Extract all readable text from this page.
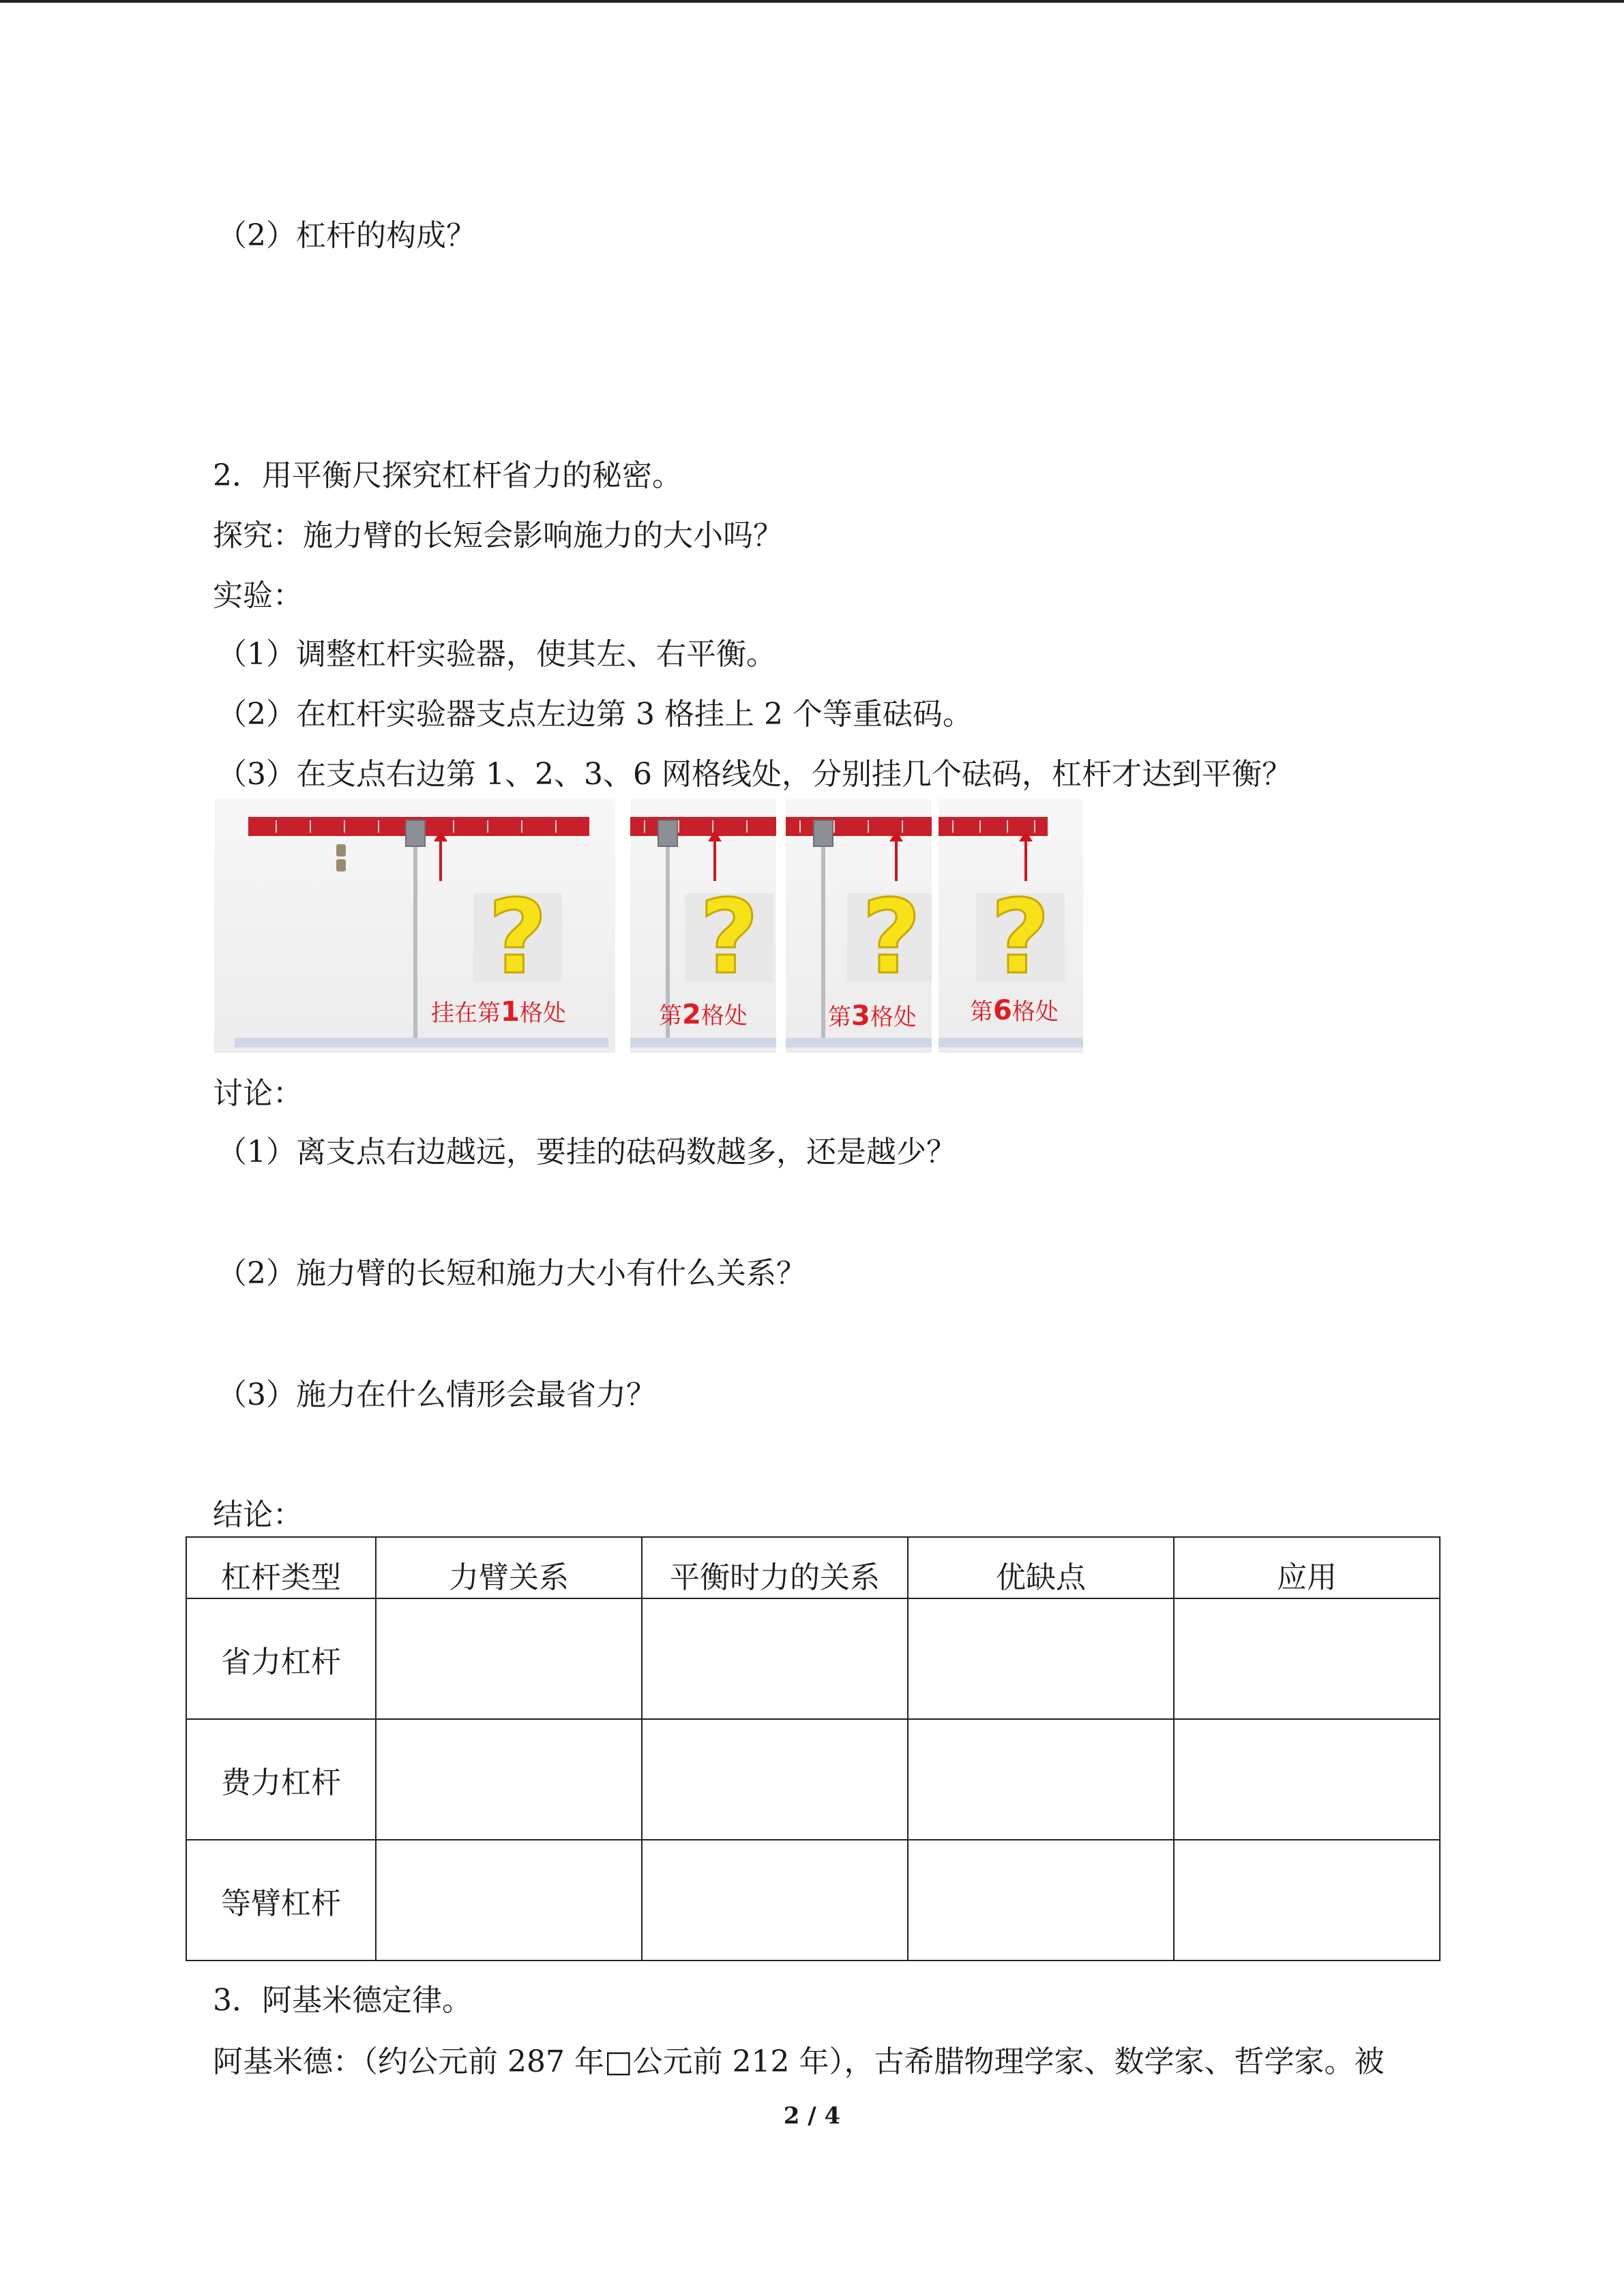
（2）杠杆的构成？
2．用平衡尺探究杠杆省力的秘密。
探究：施力臂的长短会影响施力的大小吗？
实验：
（1）调整杠杆实验器，使其左、右平衡。
（2）在杠杆实验器支点左边第 3 格挂上 2 个等重砝码。
（3）在支点右边第 1、2、3、6 网格线处，分别挂几个砝码，杠杆才达到平衡？
?
挂在第1格处
?
第2格处
?
第3格处
?
第6格处
讨论：
（1）离支点右边越远，要挂的砝码数越多，还是越少？
（2）施力臂的长短和施力大小有什么关系？
（3）施力在什么情形会最省力？
结论：
杠杆类型	力臂关系	平衡时力的关系	优缺点	应用
省力杠杆				
费力杠杆				
等臂杠杆				
3．阿基米德定律。
阿基米德：（约公元前 287 年□公元前 212 年），古希腊物理学家、数学家、哲学家。被
2 / 4
